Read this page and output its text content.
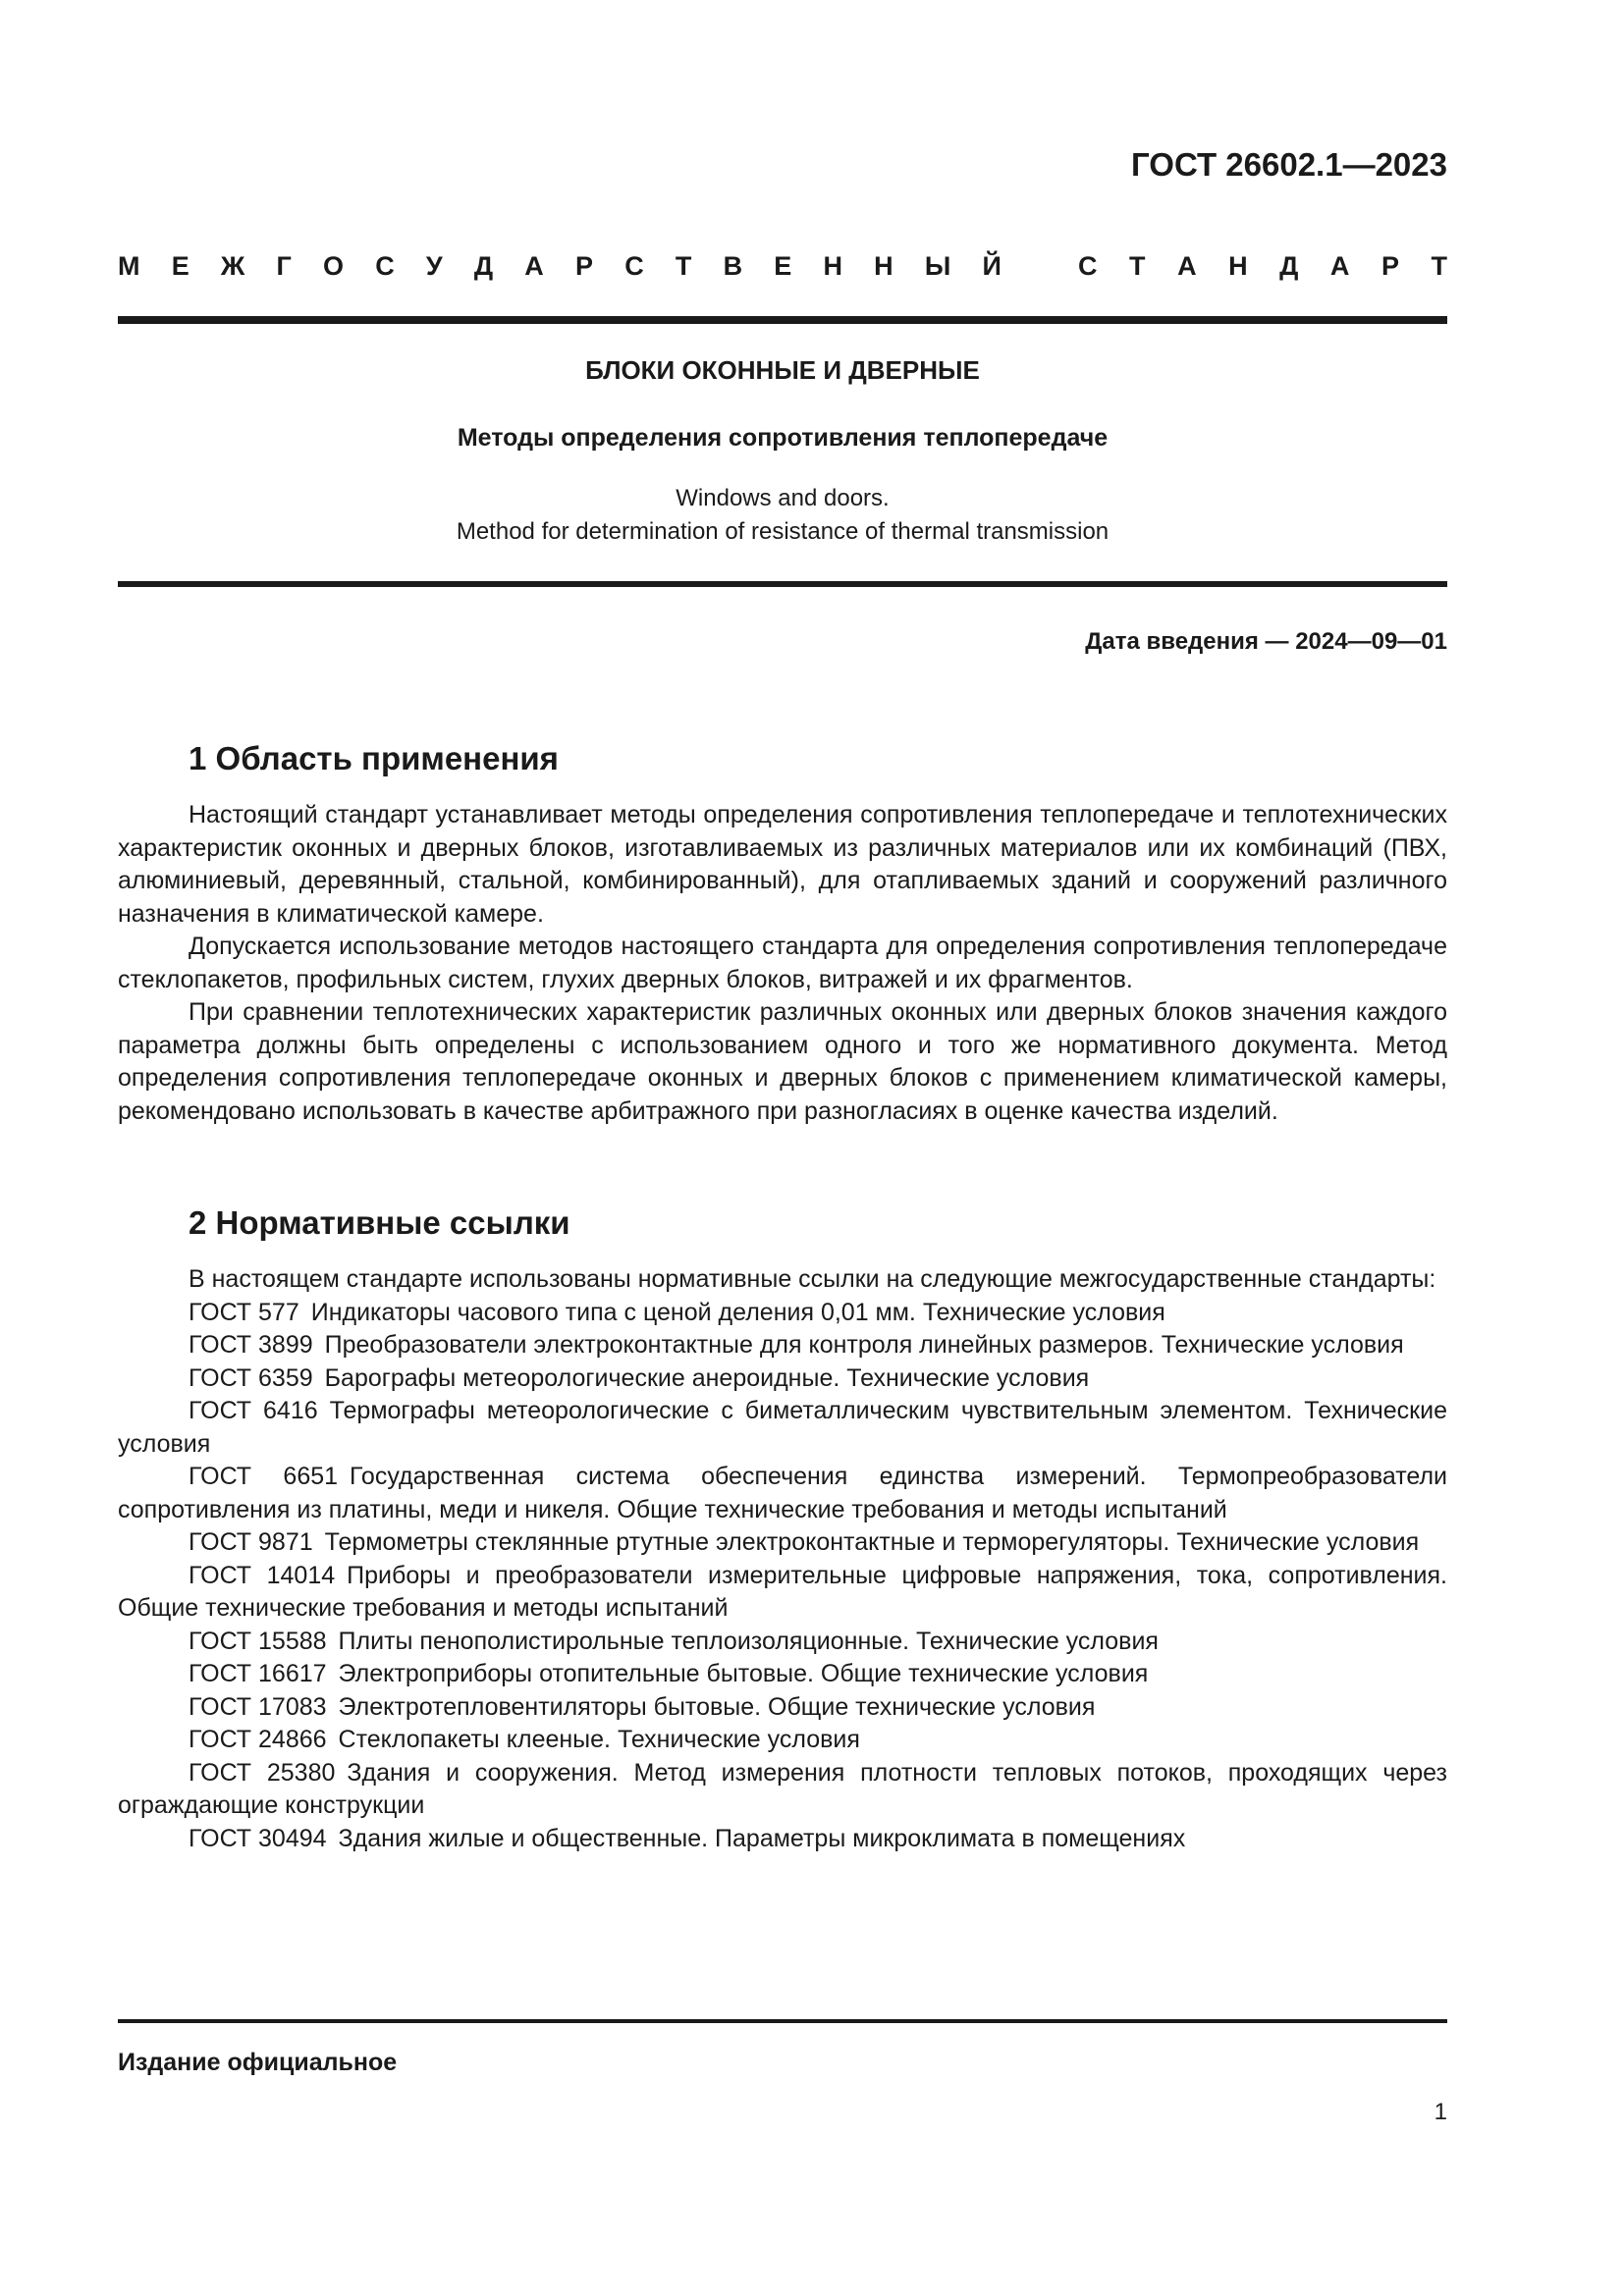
ГОСТ 26602.1—2023
М Е Ж Г О С У Д А Р С Т В Е Н Н Ы Й	С Т А Н Д А Р Т
БЛОКИ ОКОННЫЕ И ДВЕРНЫЕ
Методы определения сопротивления теплопередаче
Windows and doors.
Method for determination of resistance of thermal transmission
Дата введения — 2024—09—01
1 Область применения

Настоящий стандарт устанавливает методы определения сопротивления теплопередаче и теплотехнических характеристик оконных и дверных блоков, изготавливаемых из различных материалов или их комбинаций (ПВХ, алюминиевый, деревянный, стальной, комбинированный), для отапливаемых зданий и сооружений различного назначения в климатической камере.

Допускается использование методов настоящего стандарта для определения сопротивления теплопередаче стеклопакетов, профильных систем, глухих дверных блоков, витражей и их фрагментов.

При сравнении теплотехнических характеристик различных оконных или дверных блоков значения каждого параметра должны быть определены с использованием одного и того же нормативного документа. Метод определения сопротивления теплопередаче оконных и дверных блоков с применением климатической камеры, рекомендовано использовать в качестве арбитражного при разногласиях в оценке качества изделий.

2 Нормативные ссылки

В настоящем стандарте использованы нормативные ссылки на следующие межгосударственные стандарты:

ГОСТ 577 Индикаторы часового типа с ценой деления 0,01 мм. Технические условия

ГОСТ 3899 Преобразователи электроконтактные для контроля линейных размеров. Технические условия

ГОСТ 6359 Барографы метеорологические анероидные. Технические условия

ГОСТ 6416 Термографы метеорологические с биметаллическим чувствительным элементом. Технические условия

ГОСТ 6651 Государственная система обеспечения единства измерений. Термопреобразователи сопротивления из платины, меди и никеля. Общие технические требования и методы испытаний

ГОСТ 9871 Термометры стеклянные ртутные электроконтактные и терморегуляторы. Технические условия

ГОСТ 14014 Приборы и преобразователи измерительные цифровые напряжения, тока, сопротивления. Общие технические требования и методы испытаний

ГОСТ 15588 Плиты пенополистирольные теплоизоляционные. Технические условия

ГОСТ 16617 Электроприборы отопительные бытовые. Общие технические условия

ГОСТ 17083 Электротепловентиляторы бытовые. Общие технические условия

ГОСТ 24866 Стеклопакеты клееные. Технические условия

ГОСТ 25380 Здания и сооружения. Метод измерения плотности тепловых потоков, проходящих через ограждающие конструкции

ГОСТ 30494 Здания жилые и общественные. Параметры микроклимата в помещениях

Издание официальное
1
